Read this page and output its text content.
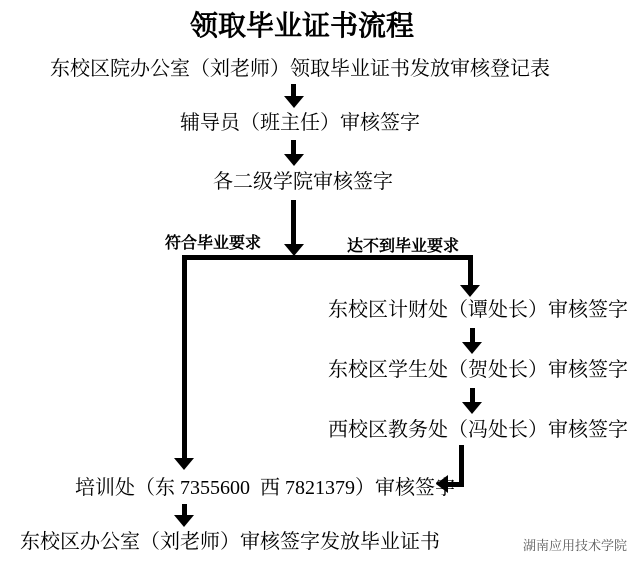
领取毕业证书流程
东校区院办公室（刘老师）领取毕业证书发放审核登记表
辅导员（班主任）审核签字
各二级学院审核签字
符合毕业要求	达不到毕业要求
东校区计财处（谭处长）审核签字
东校区学生处（贺处长）审核签字
西校区教务处（冯处长）审核签字
培训处（东 7355600  西 7821379）审核签字
东校区办公室（刘老师）审核签字发放毕业证书	湖南应用技术学院
